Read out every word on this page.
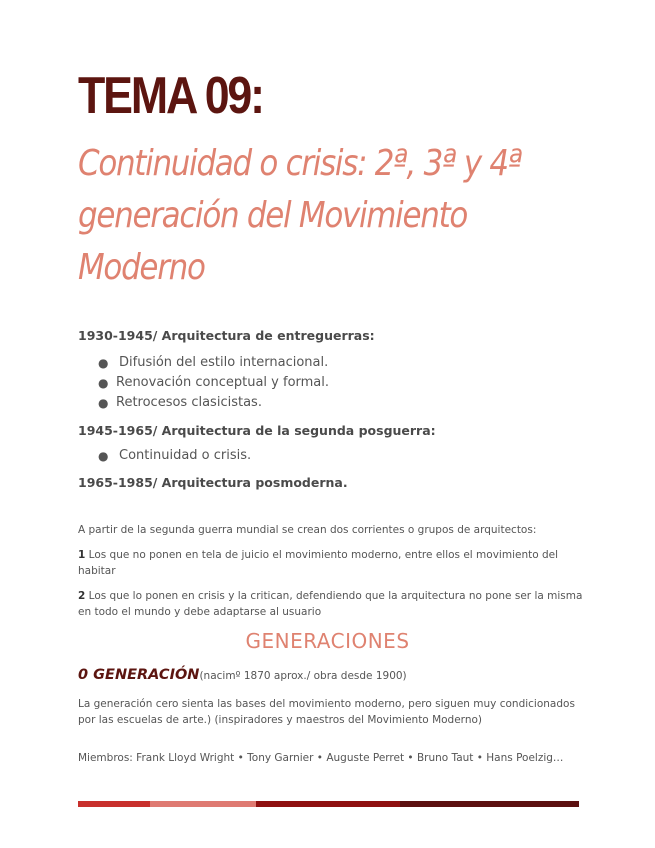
TEMA 09:
Continuidad o crisis: 2ª, 3ª y 4ª
generación del Movimiento
Moderno
1930-1945/ Arquitectura de entreguerras:
● Difusión del estilo internacional.
● Renovación conceptual y formal.
● Retrocesos clasicistas.
1945-1965/ Arquitectura de la segunda posguerra:
● Continuidad o crisis.
1965-1985/ Arquitectura posmoderna.
A partir de la segunda guerra mundial se crean dos corrientes o grupos de arquitectos:
1 Los que no ponen en tela de juicio el movimiento moderno, entre ellos el movimiento del habitar
2 Los que lo ponen en crisis y la critican, defendiendo que la arquitectura no pone ser la misma en todo el mundo y debe adaptarse al usuario
GENERACIONES
0 GENERACIÓN(nacimº 1870 aprox./ obra desde 1900)
La generación cero sienta las bases del movimiento moderno, pero siguen muy condicionados por las escuelas de arte.) (inspiradores y maestros del Movimiento Moderno)
Miembros: Frank Lloyd Wright • Tony Garnier • Auguste Perret • Bruno Taut • Hans Poelzig…
